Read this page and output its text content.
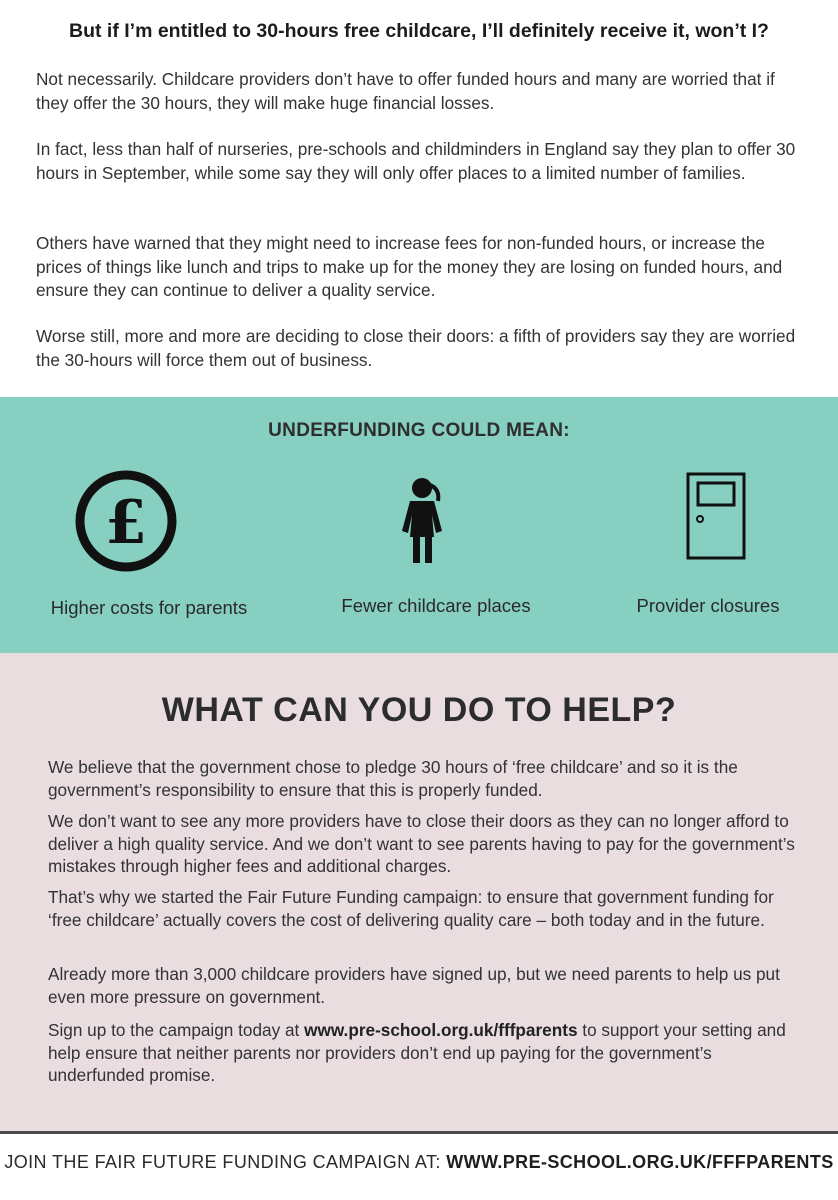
But if I’m entitled to 30-hours free childcare, I’ll definitely receive it, won’t I?

Not necessarily. Childcare providers don’t have to offer funded hours and many are worried that if they offer the 30 hours, they will make huge financial losses.

In fact, less than half of nurseries, pre-schools and childminders in England say they plan to offer 30 hours in September, while some say they will only offer places to a limited number of families.

Others have warned that they might need to increase fees for non-funded hours, or increase the prices of things like lunch and trips to make up for the money they are losing on funded hours, and ensure they can continue to deliver a quality service.

Worse still, more and more are deciding to close their doors: a fifth of providers say they are worried the 30-hours will force them out of business.

UNDERFUNDING COULD MEAN:
£
Higher costs for parents	Fewer childcare places	Provider closures
WHAT CAN YOU DO TO HELP?

We believe that the government chose to pledge 30 hours of ‘free childcare’ and so it is the government’s responsibility to ensure that this is properly funded.

We don’t want to see any more providers have to close their doors as they can no longer afford to deliver a high quality service. And we don’t want to see parents having to pay for the government’s mistakes through higher fees and additional charges.

That’s why we started the Fair Future Funding campaign: to ensure that government funding for ‘free childcare’ actually covers the cost of delivering quality care – both today and in the future.

Already more than 3,000 childcare providers have signed up, but we need parents to help us put even more pressure on government.

Sign up to the campaign today at www.pre-school.org.uk/fffparents to support your setting and help ensure that neither parents nor providers don’t end up paying for the government’s underfunded promise.

JOIN THE FAIR FUTURE FUNDING CAMPAIGN AT: WWW.PRE-SCHOOL.ORG.UK/FFFPARENTS
